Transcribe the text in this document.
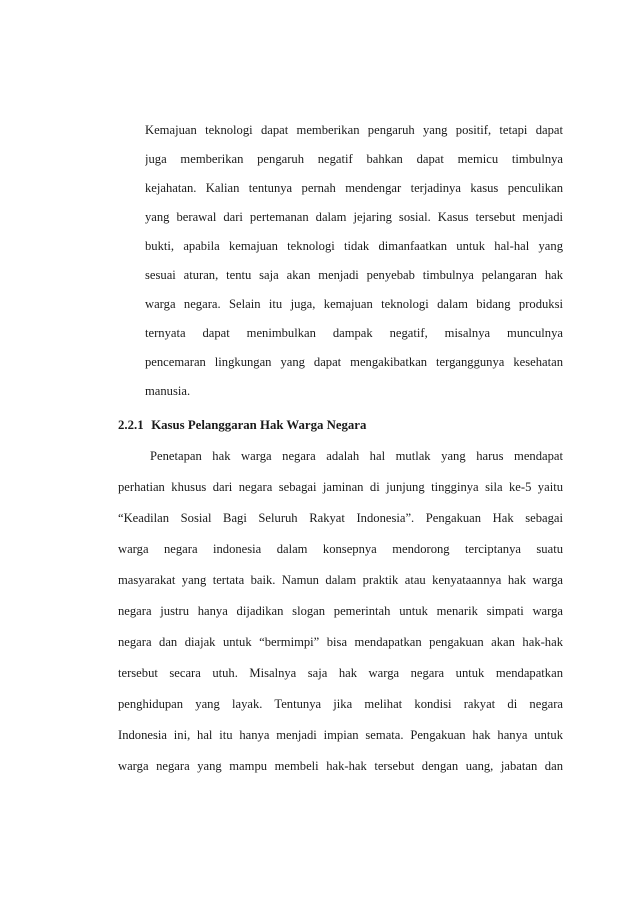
Kemajuan teknologi dapat memberikan pengaruh yang positif, tetapi dapat
juga memberikan pengaruh negatif bahkan dapat memicu timbulnya
kejahatan. Kalian tentunya pernah mendengar terjadinya kasus penculikan
yang berawal dari pertemanan dalam jejaring sosial. Kasus tersebut menjadi
bukti, apabila kemajuan teknologi tidak dimanfaatkan untuk hal-hal yang
sesuai aturan, tentu saja akan menjadi penyebab timbulnya pelangaran hak
warga negara. Selain itu juga, kemajuan teknologi dalam bidang produksi
ternyata dapat menimbulkan dampak negatif, misalnya munculnya
pencemaran lingkungan yang dapat mengakibatkan terganggunya kesehatan
manusia.
2.2.1 Kasus Pelanggaran Hak Warga Negara
Penetapan hak warga negara adalah hal mutlak yang harus mendapat
perhatian khusus dari negara sebagai jaminan di junjung tingginya sila ke-5 yaitu
“Keadilan Sosial Bagi Seluruh Rakyat Indonesia”. Pengakuan Hak sebagai
warga negara indonesia dalam konsepnya mendorong terciptanya suatu
masyarakat yang tertata baik. Namun dalam praktik atau kenyataannya hak warga
negara justru hanya dijadikan slogan pemerintah untuk menarik simpati warga
negara dan diajak untuk “bermimpi” bisa mendapatkan pengakuan akan hak-hak
tersebut secara utuh. Misalnya saja hak warga negara untuk mendapatkan
penghidupan yang layak. Tentunya jika melihat kondisi rakyat di negara
Indonesia ini, hal itu hanya menjadi impian semata. Pengakuan hak hanya untuk
warga negara yang mampu membeli hak-hak tersebut dengan uang, jabatan dan
